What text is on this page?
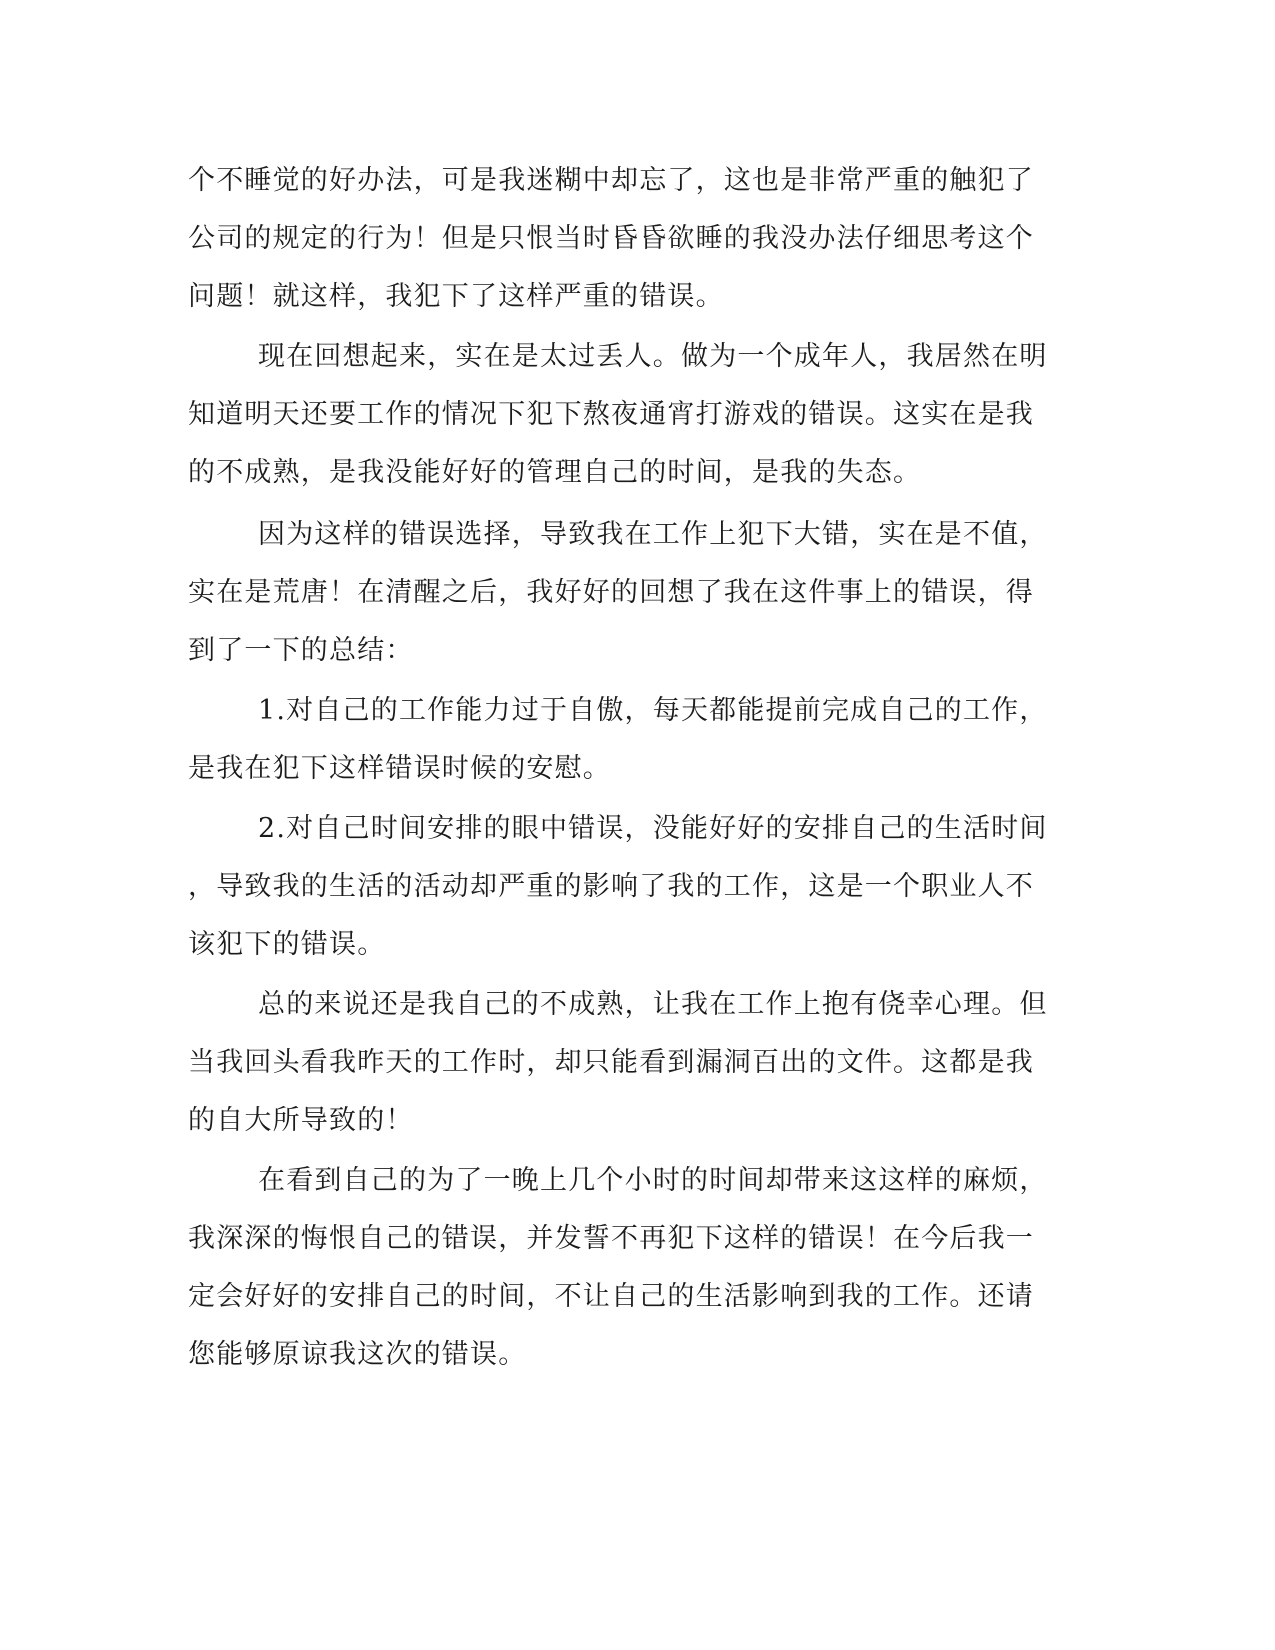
个不睡觉的好办法，可是我迷糊中却忘了，这也是非常严重的触犯了
公司的规定的行为！但是只恨当时昏昏欲睡的我没办法仔细思考这个
问题！就这样，我犯下了这样严重的错误。
现在回想起来，实在是太过丢人。做为一个成年人，我居然在明
知道明天还要工作的情况下犯下熬夜通宵打游戏的错误。这实在是我
的不成熟，是我没能好好的管理自己的时间，是我的失态。
因为这样的错误选择，导致我在工作上犯下大错，实在是不值，
实在是荒唐！在清醒之后，我好好的回想了我在这件事上的错误，得
到了一下的总结：
1.对自己的工作能力过于自傲，每天都能提前完成自己的工作，
是我在犯下这样错误时候的安慰。
2.对自己时间安排的眼中错误，没能好好的安排自己的生活时间
，导致我的生活的活动却严重的影响了我的工作，这是一个职业人不
该犯下的错误。
总的来说还是我自己的不成熟，让我在工作上抱有侥幸心理。但
当我回头看我昨天的工作时，却只能看到漏洞百出的文件。这都是我
的自大所导致的！
在看到自己的为了一晚上几个小时的时间却带来这这样的麻烦，
我深深的悔恨自己的错误，并发誓不再犯下这样的错误！在今后我一
定会好好的安排自己的时间，不让自己的生活影响到我的工作。还请
您能够原谅我这次的错误。
